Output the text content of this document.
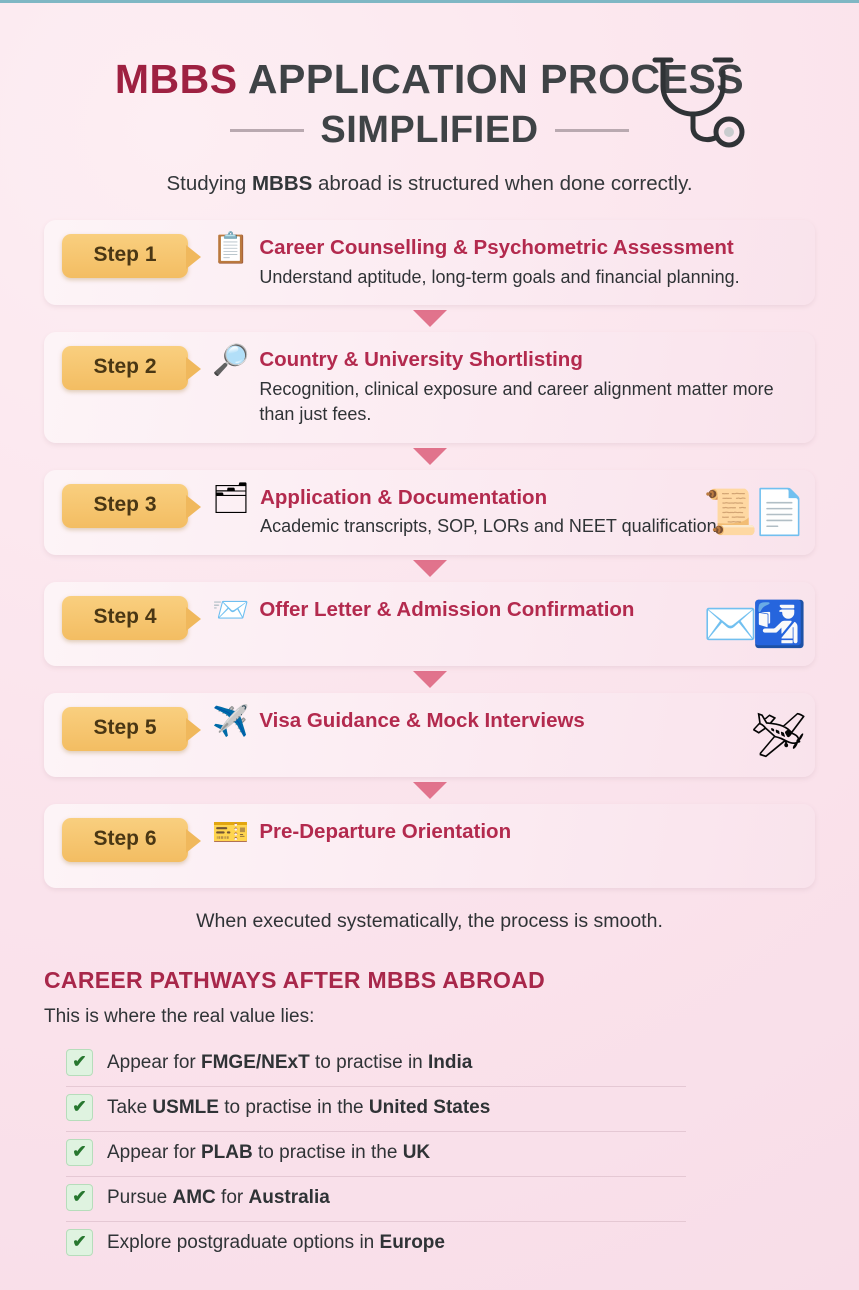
MBBS APPLICATION PROCESS
SIMPLIFIED
Studying MBBS abroad is structured when done correctly.
Step 1	📋 Career Counselling & Psychometric Assessment
Understand aptitude, long-term goals and financial planning.
Step 2	🔎 Country & University Shortlisting
Recognition, clinical exposure and career alignment matter more than just fees.
Step 3	🗂 Application & Documentation
Academic transcripts, SOP, LORs and NEET qualification.
📜📄
Step 4	📨 Offer Letter & Admission Confirmation ✉️🛂
Step 5	✈️ Visa Guidance & Mock Interviews	🛩
Step 6	🎫 Pre-Departure Orientation
When executed systematically, the process is smooth.
CAREER PATHWAYS AFTER MBBS ABROAD
This is where the real value lies:
✔	Appear for FMGE/NExT to practise in India
✔	Take USMLE to practise in the United States
✔	Appear for PLAB to practise in the UK
✔	Pursue AMC for Australia
✔	Explore postgraduate options in Europe
